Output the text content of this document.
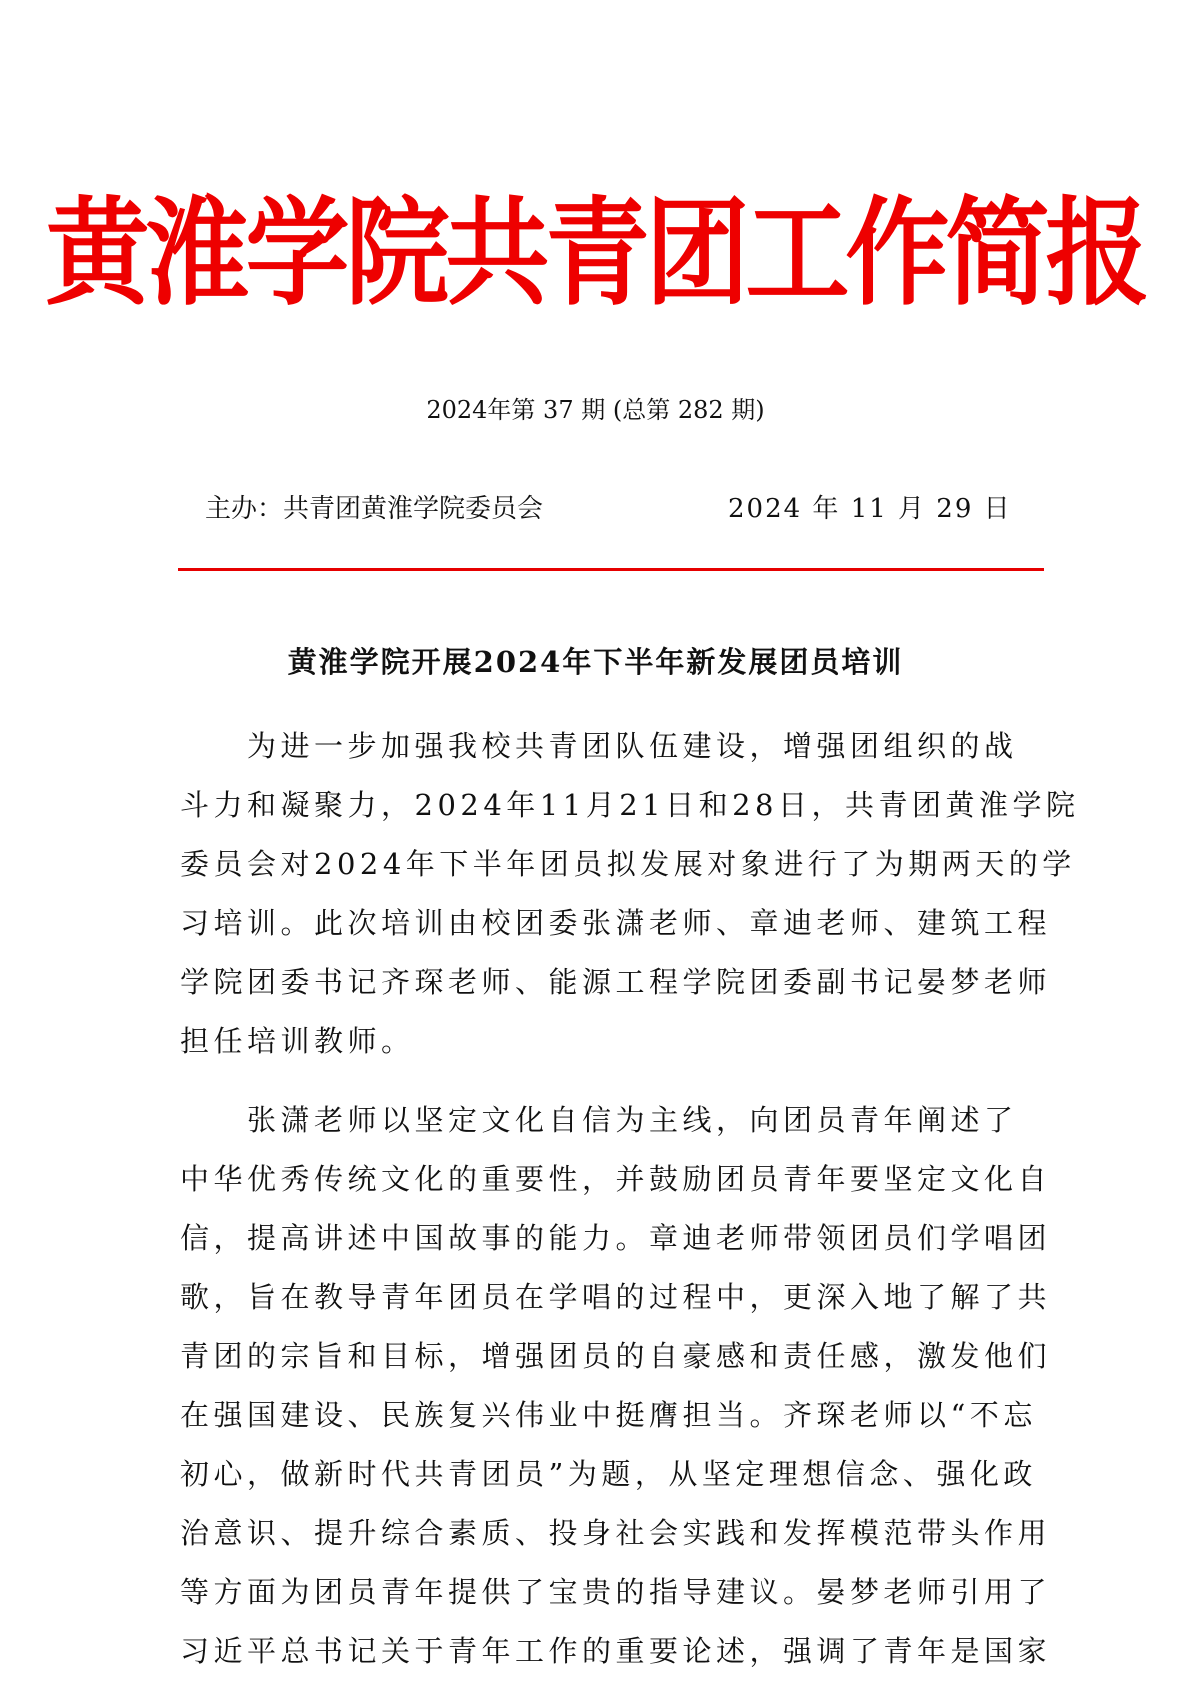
黄淮学院共青团工作简报
2024年第 37 期 (总第 282 期)
主办：共青团黄淮学院委员会	2024 年 11 月 29 日
黄淮学院开展2024年下半年新发展团员培训

　　为进一步加强我校共青团队伍建设，增强团组织的战
斗力和凝聚力，2024年11月21日和28日，共青团黄淮学院
委员会对2024年下半年团员拟发展对象进行了为期两天的学
习培训。此次培训由校团委张潇老师、章迪老师、建筑工程
学院团委书记齐琛老师、能源工程学院团委副书记晏梦老师
担任培训教师。

　　张潇老师以坚定文化自信为主线，向团员青年阐述了
中华优秀传统文化的重要性，并鼓励团员青年要坚定文化自
信，提高讲述中国故事的能力。章迪老师带领团员们学唱团
歌，旨在教导青年团员在学唱的过程中，更深入地了解了共
青团的宗旨和目标，增强团员的自豪感和责任感，激发他们
在强国建设、民族复兴伟业中挺膺担当。齐琛老师以“不忘
初心，做新时代共青团员”为题，从坚定理想信念、强化政
治意识、提升综合素质、投身社会实践和发挥模范带头作用
等方面为团员青年提供了宝贵的指导建议。晏梦老师引用了
习近平总书记关于青年工作的重要论述，强调了青年是国家
